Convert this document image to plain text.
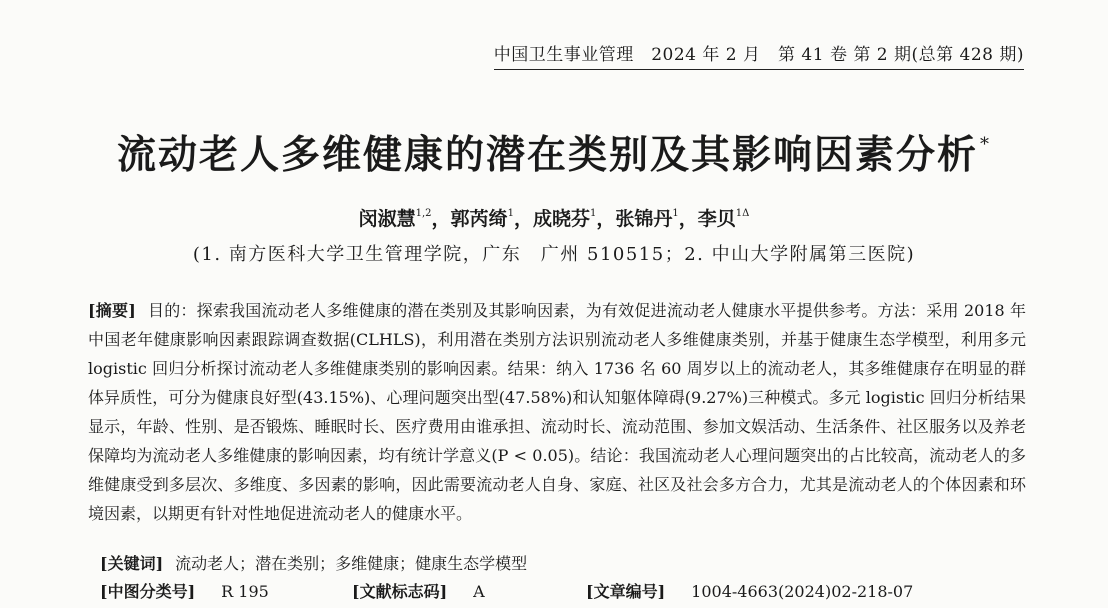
中国卫生事业管理　2024 年 2 月　第 41 卷 第 2 期(总第 428 期)
流动老人多维健康的潜在类别及其影响因素分析 *
闵淑慧$^{1,2}$，郭芮绮$^1$，成晓芬$^1$，张锦丹$^1$，李贝$^{1\Delta}$
(1. 南方医科大学卫生管理学院，广东　广州 510515；2. 中山大学附属第三医院)
[摘要] 目的：探索我国流动老人多维健康的潜在类别及其影响因素，为有效促进流动老人健康水平提供参考。方法：采用 2018 年中国老年健康影响因素跟踪调查数据(CLHLS)，利用潜在类别方法识别流动老人多维健康类别，并基于健康生态学模型，利用多元 logistic 回归分析探讨流动老人多维健康类别的影响因素。结果：纳入 1736 名 60 周岁以上的流动老人，其多维健康存在明显的群体异质性，可分为健康良好型(43.15%)、心理问题突出型(47.58%)和认知躯体障碍(9.27%)三种模式。多元 logistic 回归分析结果显示，年龄、性别、是否锻炼、睡眠时长、医疗费用由谁承担、流动时长、流动范围、参加文娱活动、生活条件、社区服务以及养老保障均为流动老人多维健康的影响因素，均有统计学意义(P < 0.05)。结论：我国流动老人心理问题突出的占比较高，流动老人的多维健康受到多层次、多维度、多因素的影响，因此需要流动老人自身、家庭、社区及社会多方合力，尤其是流动老人的个体因素和环境因素，以期更有针对性地促进流动老人的健康水平。
[关键词] 流动老人；潜在类别；多维健康；健康生态学模型
[中图分类号] R 195	[文献标志码] A	[文章编号] 1004-4663(2024)02-218-07
